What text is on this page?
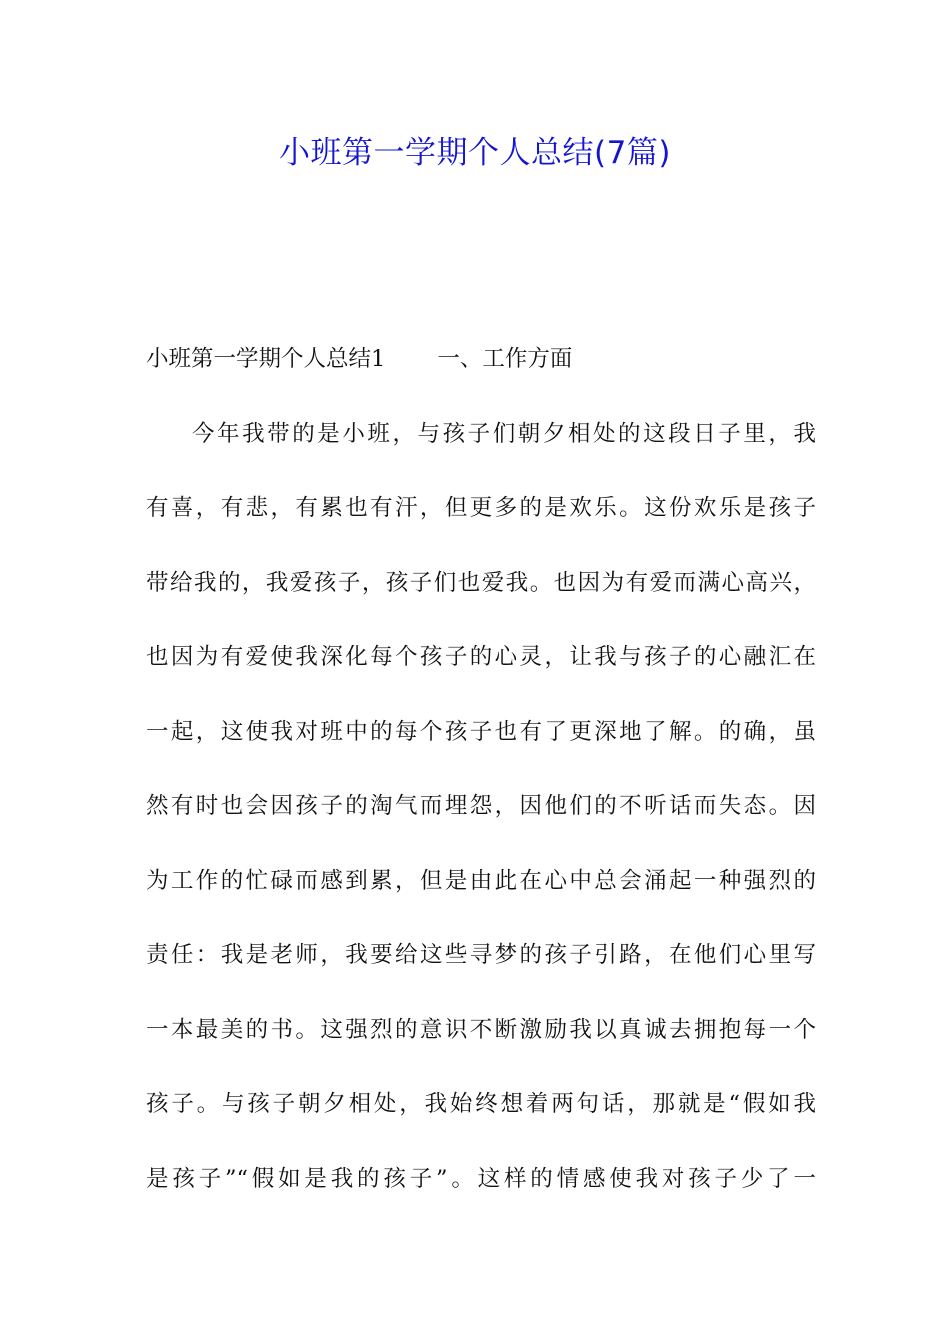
小班第一学期个人总结(7篇)
小班第一学期个人总结1 一、工作方面
今年我带的是小班，与孩子们朝夕相处的这段日子里，我
有喜，有悲，有累也有汗，但更多的是欢乐。这份欢乐是孩子
带给我的，我爱孩子，孩子们也爱我。也因为有爱而满心高兴，
也因为有爱使我深化每个孩子的心灵，让我与孩子的心融汇在
一起，这使我对班中的每个孩子也有了更深地了解。的确，虽
然有时也会因孩子的淘气而埋怨，因他们的不听话而失态。因
为工作的忙碌而感到累，但是由此在心中总会涌起一种强烈的
责任：我是老师，我要给这些寻梦的孩子引路，在他们心里写
一本最美的书。这强烈的意识不断激励我以真诚去拥抱每一个
孩子。与孩子朝夕相处，我始终想着两句话，那就是“假如我
是孩子”“假如是我的孩子”。这样的情感使我对孩子少了一
